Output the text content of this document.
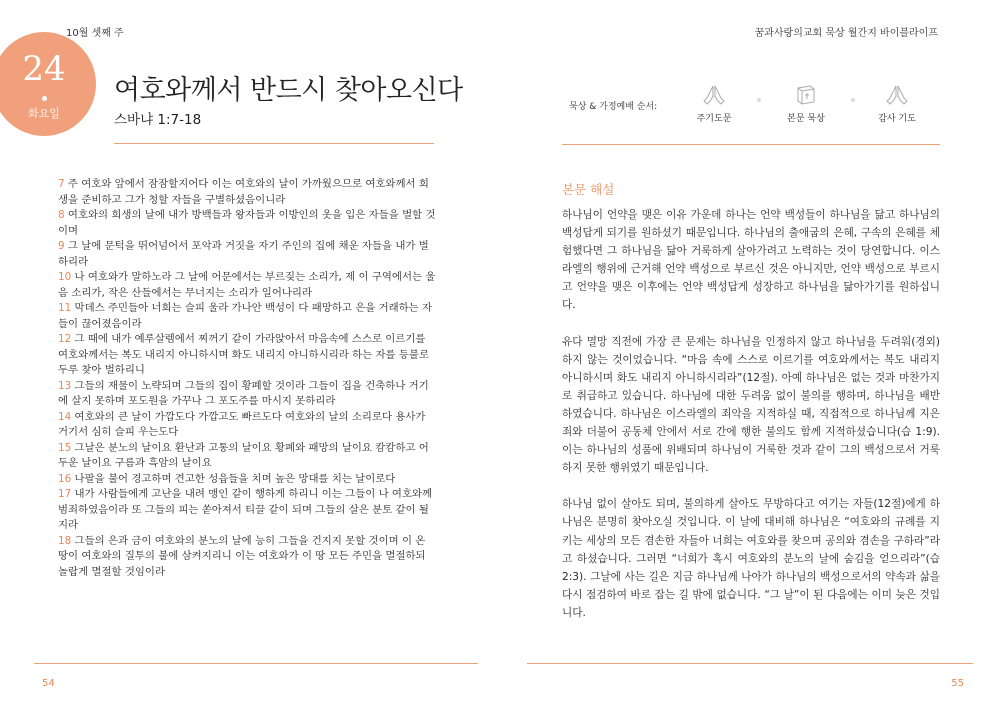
10월 셋째 주	꿈과사랑의교회 묵상 월간지 바이블라이프
24
화요일
여호와께서 반드시 찾아오신다
스바냐 1:7-18
묵상 & 가정예배 순서:
주기도문	본문 묵상	감사 기도

7 주 여호와 앞에서 잠잠할지어다 이는 여호와의 날이 가까웠으므로 여호와께서 희생을 준비하고 그가 청할 자들을 구별하셨음이니라

8 여호와의 희생의 날에 내가 방백들과 왕자들과 이방인의 옷을 입은 자들을 벌할 것이며

9 그 날에 문턱을 뛰어넘어서 포악과 거짓을 자기 주인의 집에 채운 자들을 내가 벌하리라

10 나 여호와가 말하노라 그 날에 어문에서는 부르짖는 소리가, 제 이 구역에서는 울음 소리가, 작은 산들에서는 무너지는 소리가 일어나리라

11 막데스 주민들아 너희는 슬피 울라 가나안 백성이 다 패망하고 은을 거래하는 자들이 끊어졌음이라

12 그 때에 내가 예루살렘에서 찌꺼기 같이 가라앉아서 마음속에 스스로 이르기를 여호와께서는 복도 내리지 아니하시며 화도 내리지 아니하시리라 하는 자를 등불로 두루 찾아 벌하리니

13 그들의 재물이 노략되며 그들의 집이 황폐할 것이라 그들이 집을 건축하나 거기에 살지 못하며 포도원을 가꾸나 그 포도주를 마시지 못하리라

14 여호와의 큰 날이 가깝도다 가깝고도 빠르도다 여호와의 날의 소리로다 용사가 거기서 심히 슬피 우는도다

15 그날은 분노의 날이요 환난과 고통의 날이요 황폐와 패망의 날이요 캄캄하고 어두운 날이요 구름과 흑암의 날이요

16 나팔을 불어 경고하며 견고한 성읍들을 치며 높은 망대를 치는 날이로다

17 내가 사람들에게 고난을 내려 맹인 같이 행하게 하리니 이는 그들이 나 여호와께 범죄하였음이라 또 그들의 피는 쏟아져서 티끌 같이 되며 그들의 살은 분토 같이 될지라

18 그들의 은과 금이 여호와의 분노의 날에 능히 그들을 건지지 못할 것이며 이 온 땅이 여호와의 질투의 불에 삼켜지리니 이는 여호와가 이 땅 모든 주민을 멸절하되 놀랍게 멸절할 것임이라

본문 해설

하나님이 언약을 맺은 이유 가운데 하나는 언약 백성들이 하나님을 닮고 하나님의 백성답게 되기를 원하셨기 때문입니다. 하나님의 출애굽의 은혜, 구속의 은혜를 체험했다면 그 하나님을 닮아 거룩하게 살아가려고 노력하는 것이 당연합니다. 이스라엘의 행위에 근거해 언약 백성으로 부르신 것은 아니지만, 언약 백성으로 부르시고 언약을 맺은 이후에는 언약 백성답게 성장하고 하나님을 닮아가기를 원하십니다.

유다 멸망 직전에 가장 큰 문제는 하나님을 인정하지 않고 하나님을 두려워(경외)하지 않는 것이었습니다. “마음 속에 스스로 이르기를 여호와께서는 복도 내리지 아니하시며 화도 내리지 아니하시리라”(12절). 아예 하나님은 없는 것과 마찬가지로 취급하고 있습니다. 하나님에 대한 두려움 없이 불의를 행하며, 하나님을 배반하였습니다. 하나님은 이스라엘의 죄악을 지적하실 때, 직접적으로 하나님께 지은 죄와 더불어 공동체 안에서 서로 간에 행한 불의도 함께 지적하셨습니다(습 1:9). 이는 하나님의 성품에 위배되며 하나님이 거룩한 것과 같이 그의 백성으로서 거룩하지 못한 행위였기 때문입니다.

하나님 없이 살아도 되며, 불의하게 살아도 무방하다고 여기는 자들(12절)에게 하나님은 분명히 찾아오실 것입니다. 이 날에 대비해 하나님은 “여호와의 규례를 지키는 세상의 모든 겸손한 자들아 너희는 여호와를 찾으며 공의와 겸손을 구하라”라고 하셨습니다. 그러면 “너희가 혹시 여호와의 분노의 날에 숨김을 얻으리라”(습 2:3). 그날에 사는 길은 지금 하나님께 나아가 하나님의 백성으로서의 약속과 삶을 다시 점검하여 바로 잡는 길 밖에 없습니다. “그 날”이 된 다음에는 이미 늦은 것입니다.

54	55
